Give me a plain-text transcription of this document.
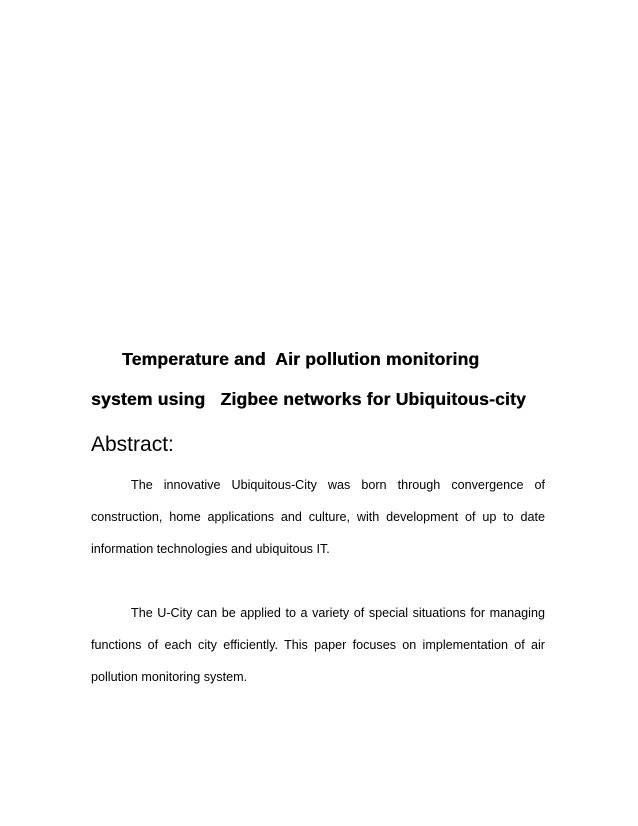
Temperature and  Air pollution monitoring
system using   Zigbee networks for Ubiquitous-city
Abstract:

The innovative Ubiquitous-City was born through convergence of construction, home applications and culture, with development of up to date information technologies and ubiquitous IT.

The U-City can be applied to a variety of special situations for managing functions of each city efficiently. This paper focuses on implementation of air pollution monitoring system.
